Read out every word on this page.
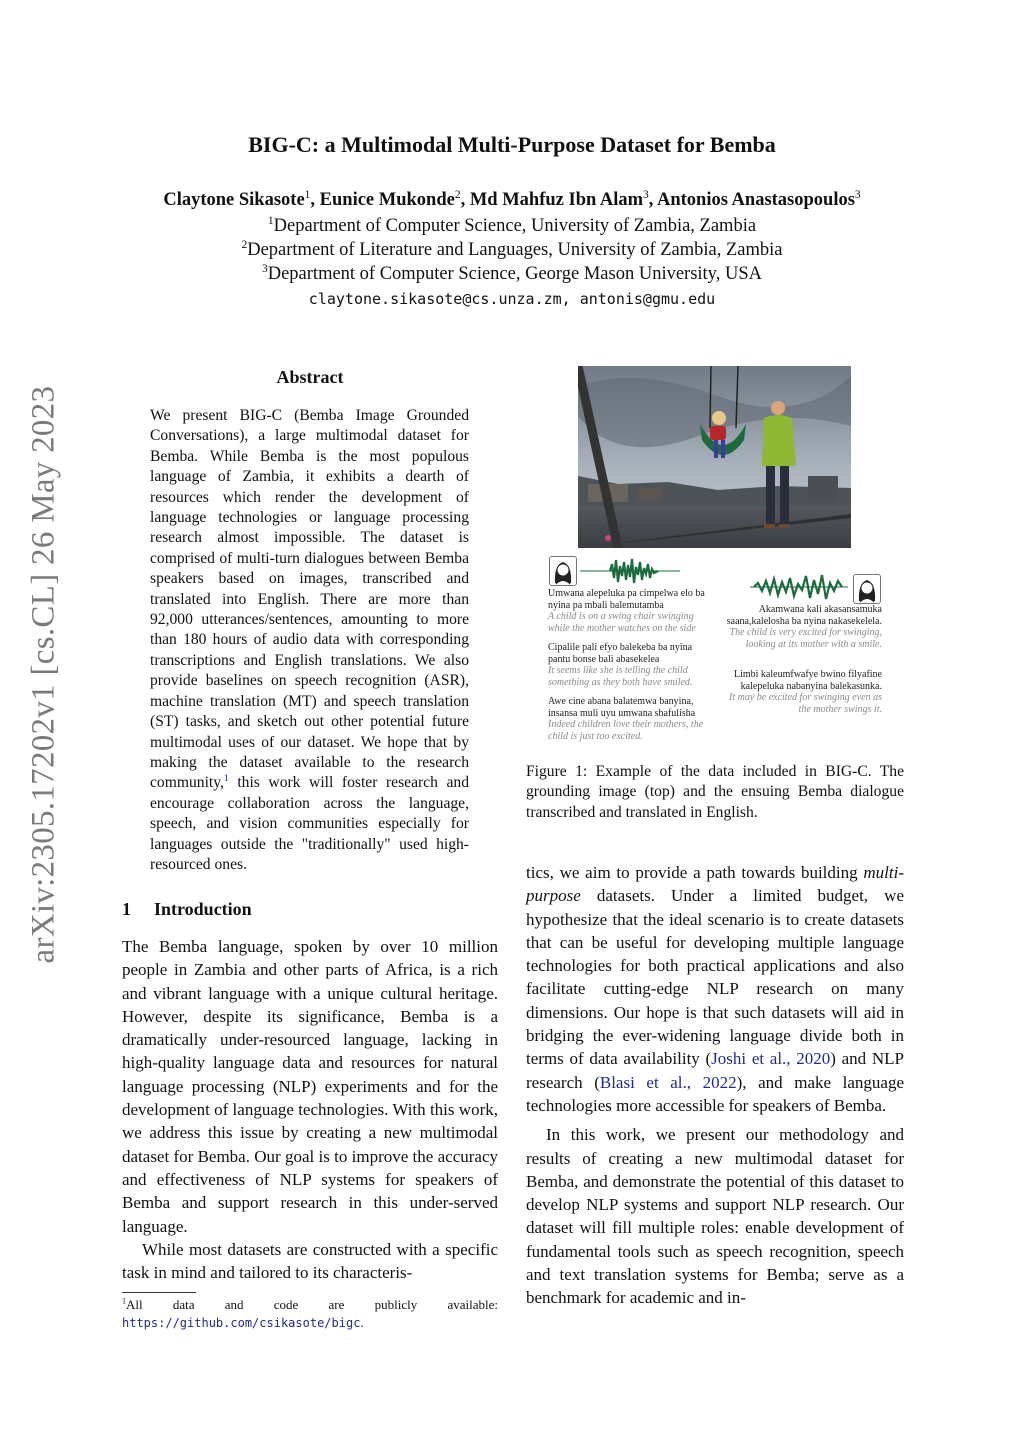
BIG-C: a Multimodal Multi-Purpose Dataset for Bemba
Claytone Sikasote$^1$, Eunice Mukonde$^2$, Md Mahfuz Ibn Alam$^3$, Antonios Anastasopoulos$^3$
$^1$Department of Computer Science, University of Zambia, Zambia
$^2$Department of Literature and Languages, University of Zambia, Zambia
$^3$Department of Computer Science, George Mason University, USA
claytone.sikasote@cs.unza.zm, antonis@gmu.edu
arXiv:2305.17202v1 [cs.CL] 26 May 2023
Abstract
We present BIG-C (Bemba Image Grounded Conversations), a large multimodal dataset for Bemba. While Bemba is the most populous language of Zambia, it exhibits a dearth of resources which render the development of language technologies or language processing research almost impossible. The dataset is comprised of multi-turn dialogues between Bemba speakers based on images, transcribed and translated into English. There are more than 92,000 utterances/sentences, amounting to more than 180 hours of audio data with corresponding transcriptions and English translations. We also provide baselines on speech recognition (ASR), machine translation (MT) and speech translation (ST) tasks, and sketch out other potential future multimodal uses of our dataset. We hope that by making the dataset available to the research community,$^1$ this work will foster research and encourage collaboration across the language, speech, and vision communities especially for languages outside the "traditionally" used high-resourced ones.
1 Introduction

The Bemba language, spoken by over 10 million people in Zambia and other parts of Africa, is a rich and vibrant language with a unique cultural heritage. However, despite its significance, Bemba is a dramatically under-resourced language, lacking in high-quality language data and resources for natural language processing (NLP) experiments and for the development of language technologies. With this work, we address this issue by creating a new multimodal dataset for Bemba. Our goal is to improve the accuracy and effectiveness of NLP systems for speakers of Bemba and support research in this under-served language.

While most datasets are constructed with a specific task in mind and tailored to its characteris-

$^1$All data and code are publicly available: https://github.com/csikasote/bigc.
Umwana alepeluka pa cimpelwa elo ba nyina pa mbali balemutamba
A child is on a swing chair swinging while the mother watches on the side
Cipalile pali efyo balekeba ba nyina pantu bonse bali abasekelea
It seems like she is telling the child something as they both have smiled.
Awe cine abana balatemwa banyina, insansa muli uyu umwana shafulisha
Indeed children love their mothers, the child is just too excited.
Akamwana kali akasansamuka saana,kalelosha ba nyina nakasekelela.
The child is very excited for swinging, looking at its mother with a smile.
Limbi kaleumfwafye bwino filyafine kalepeluka nabanyina balekasunka.
It may be excited for swinging even as the mother swings it.
Figure 1: Example of the data included in BIG-C. The grounding image (top) and the ensuing Bemba dialogue transcribed and translated in English.

tics, we aim to provide a path towards building multi-purpose datasets. Under a limited budget, we hypothesize that the ideal scenario is to create datasets that can be useful for developing multiple language technologies for both practical applications and also facilitate cutting-edge NLP research on many dimensions. Our hope is that such datasets will aid in bridging the ever-widening language divide both in terms of data availability (Joshi et al., 2020) and NLP research (Blasi et al., 2022), and make language technologies more accessible for speakers of Bemba.

In this work, we present our methodology and results of creating a new multimodal dataset for Bemba, and demonstrate the potential of this dataset to develop NLP systems and support NLP research. Our dataset will fill multiple roles: enable development of fundamental tools such as speech recognition, speech and text translation systems for Bemba; serve as a benchmark for academic and in-
